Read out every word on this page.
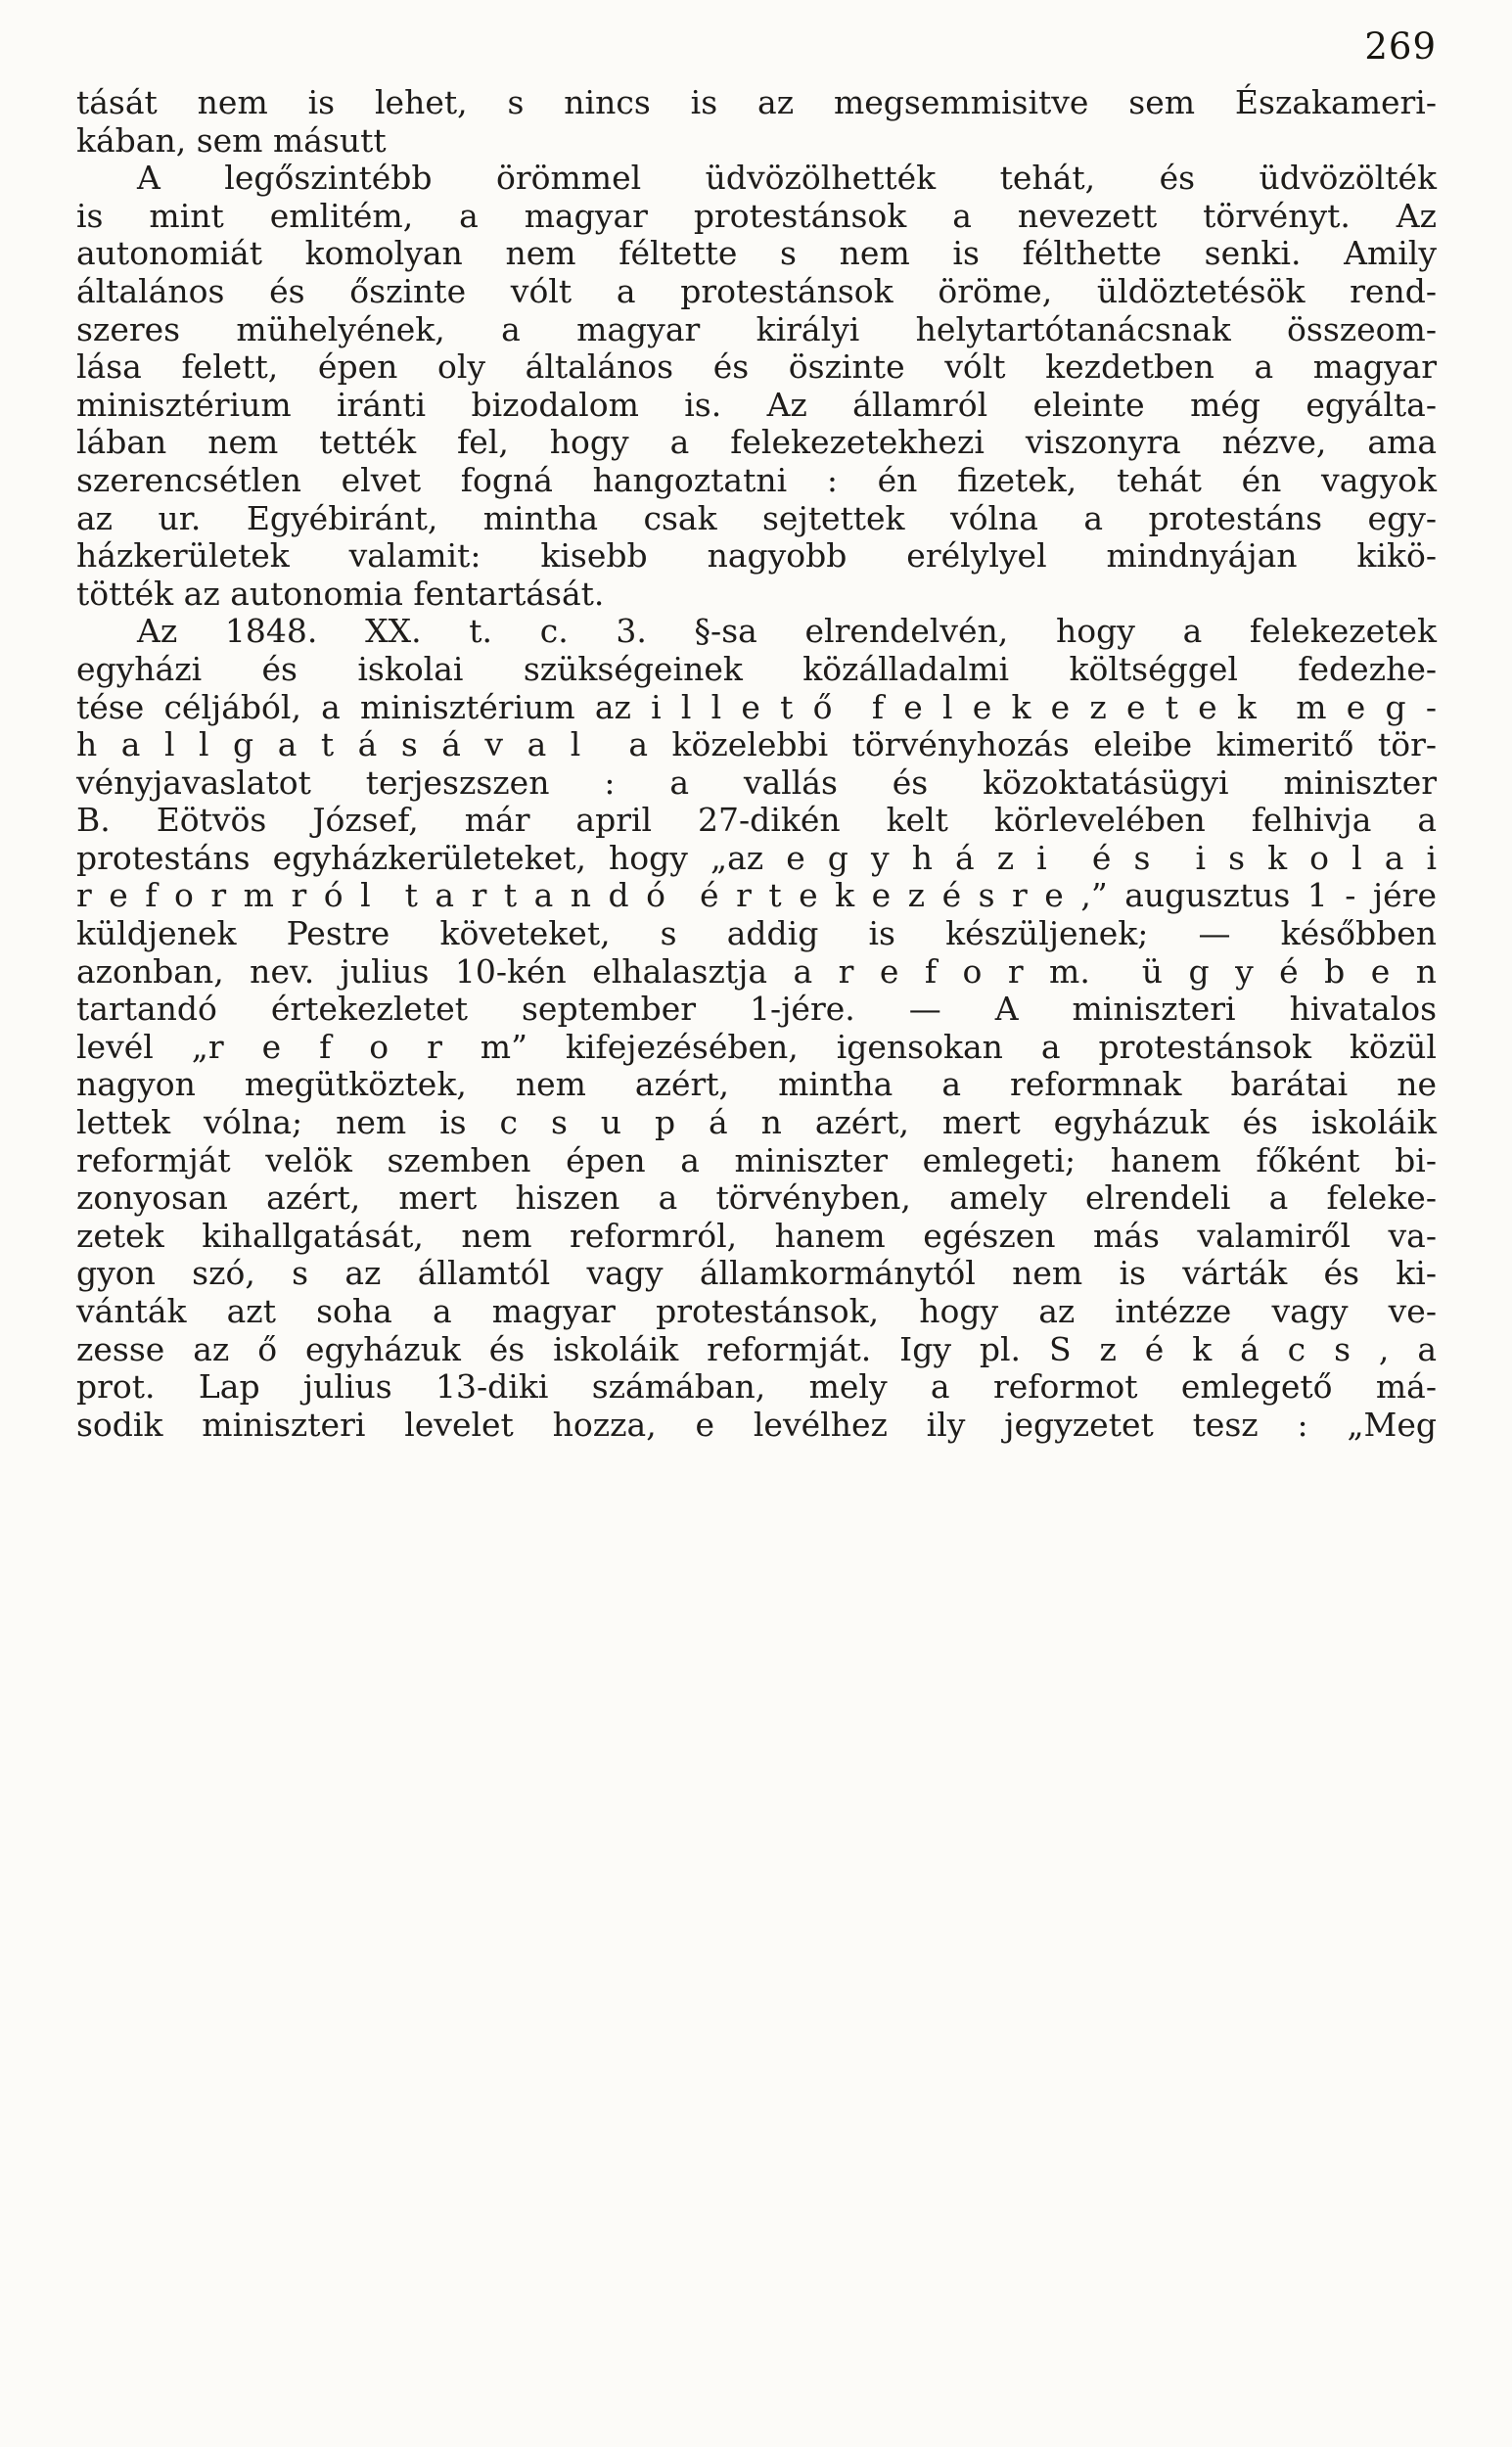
269
tását nem is lehet, s nincs is az megsemmisitve sem Északameri-
kában, sem másutt
A legőszintébb örömmel üdvözölhették tehát, és üdvözölték
is mint emlitém, a magyar protestánsok a nevezett törvényt. Az
autonomiát komolyan nem féltette s nem is félthette senki. Amily
általános és őszinte vólt a protestánsok öröme, üldöztetésök rend-
szeres mühelyének, a magyar királyi helytartótanácsnak összeom-
lása felett, épen oly általános és öszinte vólt kezdetben a magyar
minisztérium iránti bizodalom is. Az államról eleinte még egyálta-
lában nem tették fel, hogy a felekezetekhezi viszonyra nézve, ama
szerencsétlen elvet fogná hangoztatni : én fizetek, tehát én vagyok
az ur. Egyébiránt, mintha csak sejtettek vólna a protestáns egy-
házkerületek valamit: kisebb nagyobb erélylyel mindnyájan kikö-
tötték az autonomia fentartását.
Az 1848. XX. t. c. 3. §-sa elrendelvén, hogy a felekezetek
egyházi és iskolai szükségeinek közálladalmi költséggel fedezhe-
tése céljából, a minisztérium az i l l e t ő  f e l e k e z e t e k  m e g -
h a l l g a t á s á v a l  a közelebbi törvényhozás eleibe kimeritő tör-
vényjavaslatot terjeszszen : a vallás és közoktatásügyi miniszter
B. Eötvös József, már april 27-dikén kelt körlevelében felhivja a
protestáns egyházkerületeket, hogy „az e g y h á z i  é s  i s k o l a i
r e f o r m r ó l  t a r t a n d ó  é r t e k e z é s r e ,” augusztus 1 - jére
küldjenek Pestre követeket, s addig is készüljenek; — későbben
azonban, nev. julius 10-kén elhalasztja a r e f o r m.  ü g y é b e n
tartandó értekezletet september 1-jére. — A miniszteri hivatalos
levél „r e f o r m” kifejezésében, igensokan a protestánsok közül
nagyon megütköztek, nem azért, mintha a reformnak barátai ne
lettek vólna; nem is c s u p á n azért, mert egyházuk és iskoláik
reformját velök szemben épen a miniszter emlegeti; hanem főként bi-
zonyosan azért, mert hiszen a törvényben, amely elrendeli a feleke-
zetek kihallgatását, nem reformról, hanem egészen más valamiről va-
gyon szó, s az államtól vagy államkormánytól nem is várták és ki-
vánták azt soha a magyar protestánsok, hogy az intézze vagy ve-
zesse az ő egyházuk és iskoláik reformját. Igy pl. S z é k á c s , a
prot. Lap julius 13-diki számában, mely a reformot emlegető má-
sodik miniszteri levelet hozza, e levélhez ily jegyzetet tesz : „Meg
